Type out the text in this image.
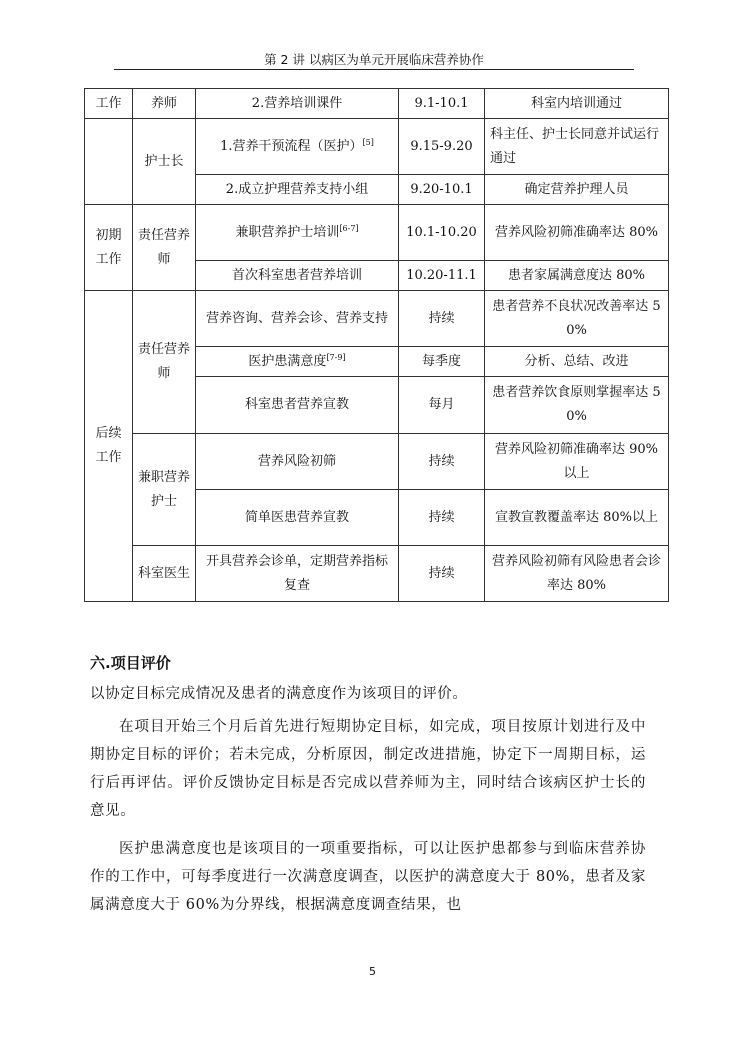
第 2 讲 以病区为单元开展临床营养协作
工作	养师	2.营养培训课件	9.1-10.1	科室内培训通过
	护士长	1.营养干预流程（医护）[5]	9.15-9.20	科主任、护士长同意并试运行通过
		2.成立护理营养支持小组	9.20-10.1	确定营养护理人员
初期工作	责任营养师	兼职营养护士培训[6-7]	10.1-10.20	营养风险初筛准确率达 80%
		首次科室患者营养培训	10.20-11.1	患者家属满意度达 80%
后续工作	责任营养师	营养咨询、营养会诊、营养支持	持续	患者营养不良状况改善率达 50%
		医护患满意度[7-9]	每季度	分析、总结、改进
		科室患者营养宣教	每月	患者营养饮食原则掌握率达 50%
	兼职营养护士	营养风险初筛	持续	营养风险初筛准确率达 90%以上
		简单医患营养宣教	持续	宣教宣教覆盖率达 80%以上
	科室医生	开具营养会诊单，定期营养指标复查	持续	营养风险初筛有风险患者会诊率达 80%
六.项目评价

以协定目标完成情况及患者的满意度作为该项目的评价。

在项目开始三个月后首先进行短期协定目标，如完成，项目按原计划进行及中期协定目标的评价；若未完成，分析原因，制定改进措施，协定下一周期目标，运行后再评估。评价反馈协定目标是否完成以营养师为主，同时结合该病区护士长的意见。

医护患满意度也是该项目的一项重要指标，可以让医护患都参与到临床营养协作的工作中，可每季度进行一次满意度调查，以医护的满意度大于 80%，患者及家属满意度大于 60%为分界线，根据满意度调查结果，也

5
